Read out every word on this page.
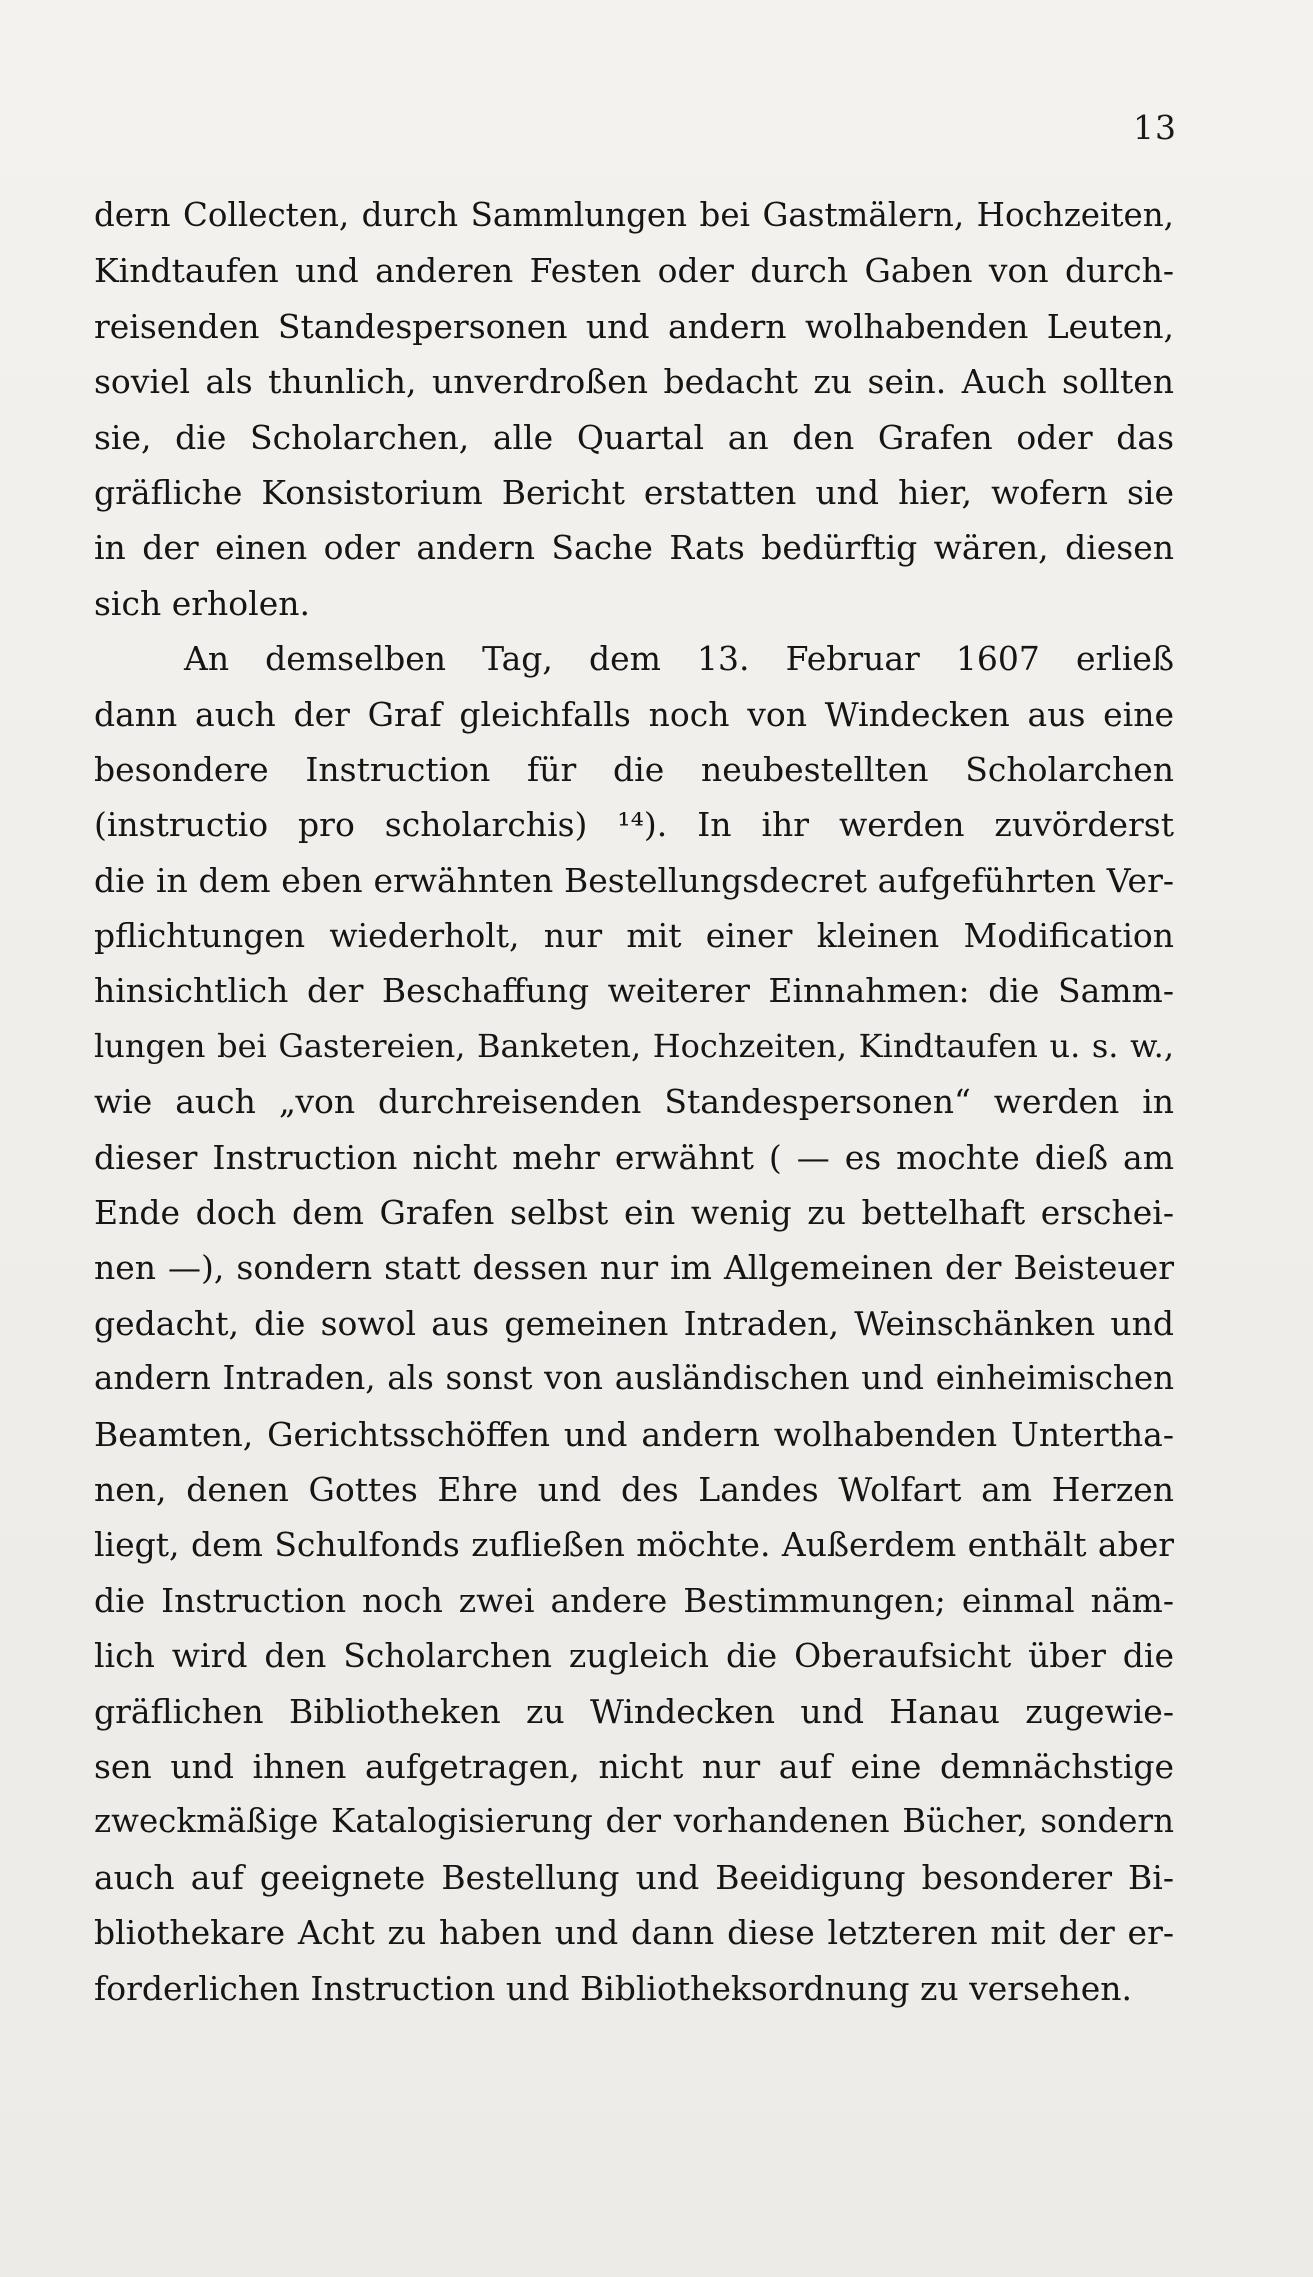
13
dern Collecten, durch Sammlungen bei Gastmälern, Hochzeiten,
Kindtaufen und anderen Festen oder durch Gaben von durch-
reisenden Standespersonen und andern wolhabenden Leuten,
soviel als thunlich, unverdroßen bedacht zu sein. Auch sollten
sie, die Scholarchen, alle Quartal an den Grafen oder das
gräfliche Konsistorium Bericht erstatten und hier, wofern sie
in der einen oder andern Sache Rats bedürftig wären, diesen
sich erholen.
An demselben Tag, dem 13. Februar 1607 erließ
dann auch der Graf gleichfalls noch von Windecken aus eine
besondere Instruction für die neubestellten Scholarchen
(instructio pro scholarchis) ¹⁴). In ihr werden zuvörderst
die in dem eben erwähnten Bestellungsdecret aufgeführten Ver-
pflichtungen wiederholt, nur mit einer kleinen Modification
hinsichtlich der Beschaffung weiterer Einnahmen: die Samm-
lungen bei Gastereien, Banketen, Hochzeiten, Kindtaufen u. s. w.,
wie auch „von durchreisenden Standespersonen“ werden in
dieser Instruction nicht mehr erwähnt ( — es mochte dieß am
Ende doch dem Grafen selbst ein wenig zu bettelhaft erschei-
nen —), sondern statt dessen nur im Allgemeinen der Beisteuer
gedacht, die sowol aus gemeinen Intraden, Weinschänken und
andern Intraden, als sonst von ausländischen und einheimischen
Beamten, Gerichtsschöffen und andern wolhabenden Untertha-
nen, denen Gottes Ehre und des Landes Wolfart am Herzen
liegt, dem Schulfonds zufließen möchte. Außerdem enthält aber
die Instruction noch zwei andere Bestimmungen; einmal näm-
lich wird den Scholarchen zugleich die Oberaufsicht über die
gräflichen Bibliotheken zu Windecken und Hanau zugewie-
sen und ihnen aufgetragen, nicht nur auf eine demnächstige
zweckmäßige Katalogisierung der vorhandenen Bücher, sondern
auch auf geeignete Bestellung und Beeidigung besonderer Bi-
bliothekare Acht zu haben und dann diese letzteren mit der er-
forderlichen Instruction und Bibliotheksordnung zu versehen.
